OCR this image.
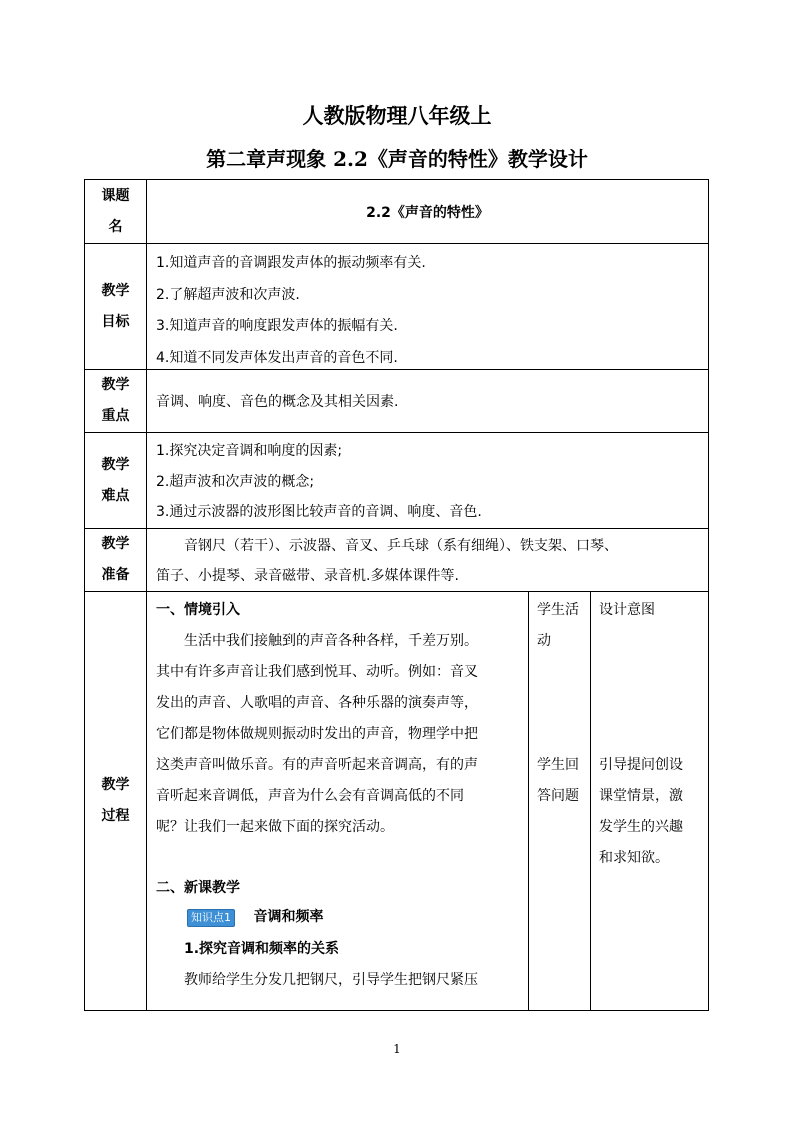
人教版物理八年级上
第二章声现象 2.2《声音的特性》教学设计
课题
名
2.2《声音的特性》
教学
目标
1.知道声音的音调跟发声体的振动频率有关.
2.了解超声波和次声波.
3.知道声音的响度跟发声体的振幅有关.
4.知道不同发声体发出声音的音色不同.
教学
重点
音调、响度、音色的概念及其相关因素.
教学
难点
1.探究决定音调和响度的因素;
2.超声波和次声波的概念;
3.通过示波器的波形图比较声音的音调、响度、音色.
教学
准备
音钢尺（若干）、示波器、音叉、乒乓球（系有细绳）、铁支架、口琴、
笛子、小提琴、录音磁带、录音机.多媒体课件等.
教学
过程
一、情境引入
生活中我们接触到的声音各种各样，千差万别。
其中有许多声音让我们感到悦耳、动听。例如：音叉
发出的声音、人歌唱的声音、各种乐器的演奏声等，
它们都是物体做规则振动时发出的声音，物理学中把
这类声音叫做乐音。有的声音听起来音调高，有的声
音听起来音调低，声音为什么会有音调高低的不同
呢？让我们一起来做下面的探究活动。
二、新课教学
知识点1 音调和频率
1.探究音调和频率的关系
教师给学生分发几把钢尺，引导学生把钢尺紧压
学生活
动
学生回
答问题
设计意图
引导提问创设
课堂情景，激
发学生的兴趣
和求知欲。
1
